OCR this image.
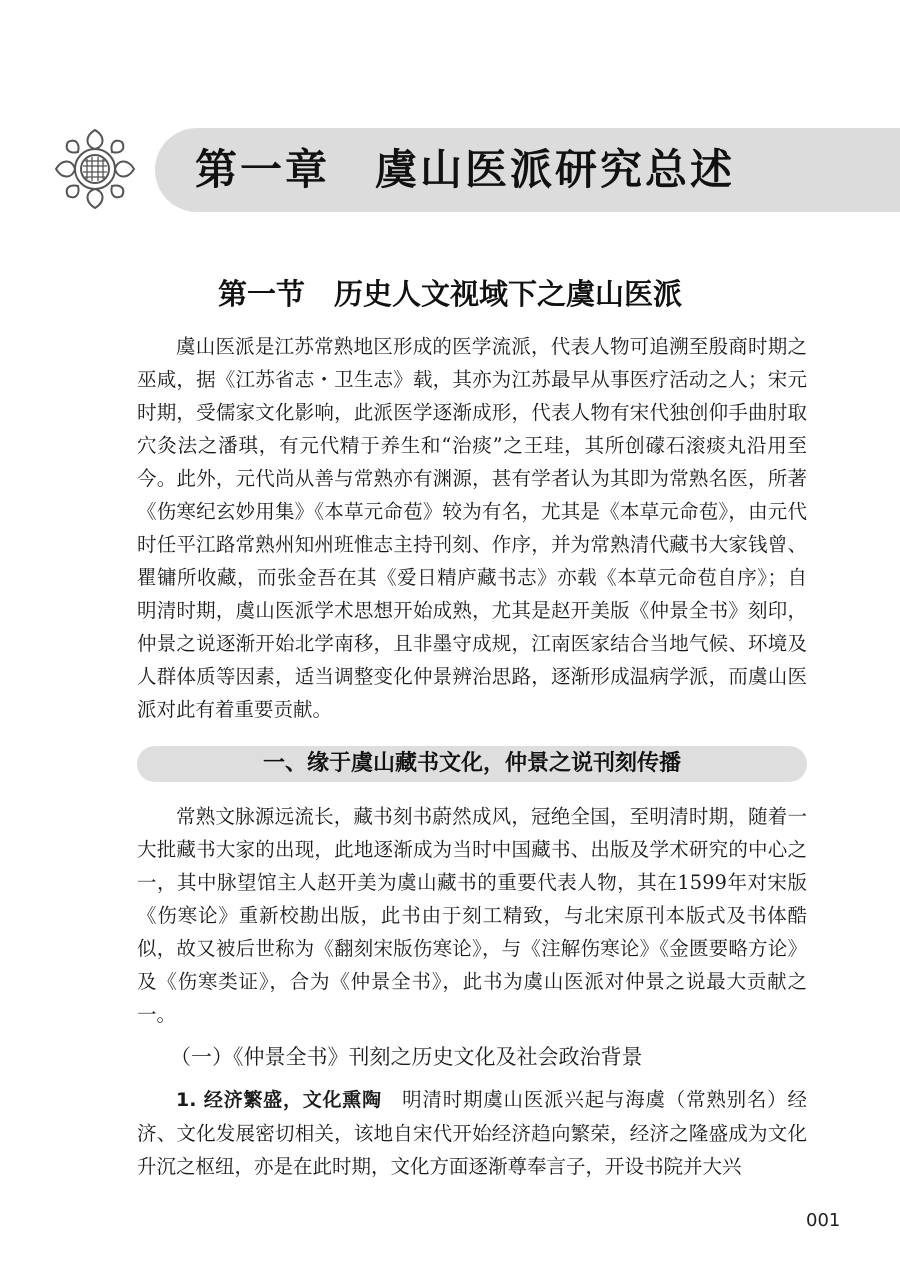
第一章　虞山医派研究总述
第一节　历史人文视域下之虞山医派

虞山医派是江苏常熟地区形成的医学流派，代表人物可追溯至殷商时期之巫咸，据《江苏省志・卫生志》载，其亦为江苏最早从事医疗活动之人；宋元时期，受儒家文化影响，此派医学逐渐成形，代表人物有宋代独创仰手曲肘取穴灸法之潘琪，有元代精于养生和“治痰”之王珪，其所创礞石滚痰丸沿用至今。此外，元代尚从善与常熟亦有渊源，甚有学者认为其即为常熟名医，所著《伤寒纪玄妙用集》《本草元命苞》较为有名，尤其是《本草元命苞》，由元代时任平江路常熟州知州班惟志主持刊刻、作序，并为常熟清代藏书大家钱曾、瞿镛所收藏，而张金吾在其《爱日精庐藏书志》亦载《本草元命苞自序》；自明清时期，虞山医派学术思想开始成熟，尤其是赵开美版《仲景全书》刻印，仲景之说逐渐开始北学南移，且非墨守成规，江南医家结合当地气候、环境及人群体质等因素，适当调整变化仲景辨治思路，逐渐形成温病学派，而虞山医派对此有着重要贡献。

一、缘于虞山藏书文化，仲景之说刊刻传播

常熟文脉源远流长，藏书刻书蔚然成风，冠绝全国，至明清时期，随着一大批藏书大家的出现，此地逐渐成为当时中国藏书、出版及学术研究的中心之一，其中脉望馆主人赵开美为虞山藏书的重要代表人物，其在1599年对宋版《伤寒论》重新校勘出版，此书由于刻工精致，与北宋原刊本版式及书体酷似，故又被后世称为《翻刻宋版伤寒论》，与《注解伤寒论》《金匮要略方论》及《伤寒类证》，合为《仲景全书》，此书为虞山医派对仲景之说最大贡献之一。

（一）《仲景全书》刊刻之历史文化及社会政治背景

1. 经济繁盛，文化熏陶　 明清时期虞山医派兴起与海虞（常熟别名）经济、文化发展密切相关，该地自宋代开始经济趋向繁荣，经济之隆盛成为文化升沉之枢纽，亦是在此时期，文化方面逐渐尊奉言子，开设书院并大兴

001
